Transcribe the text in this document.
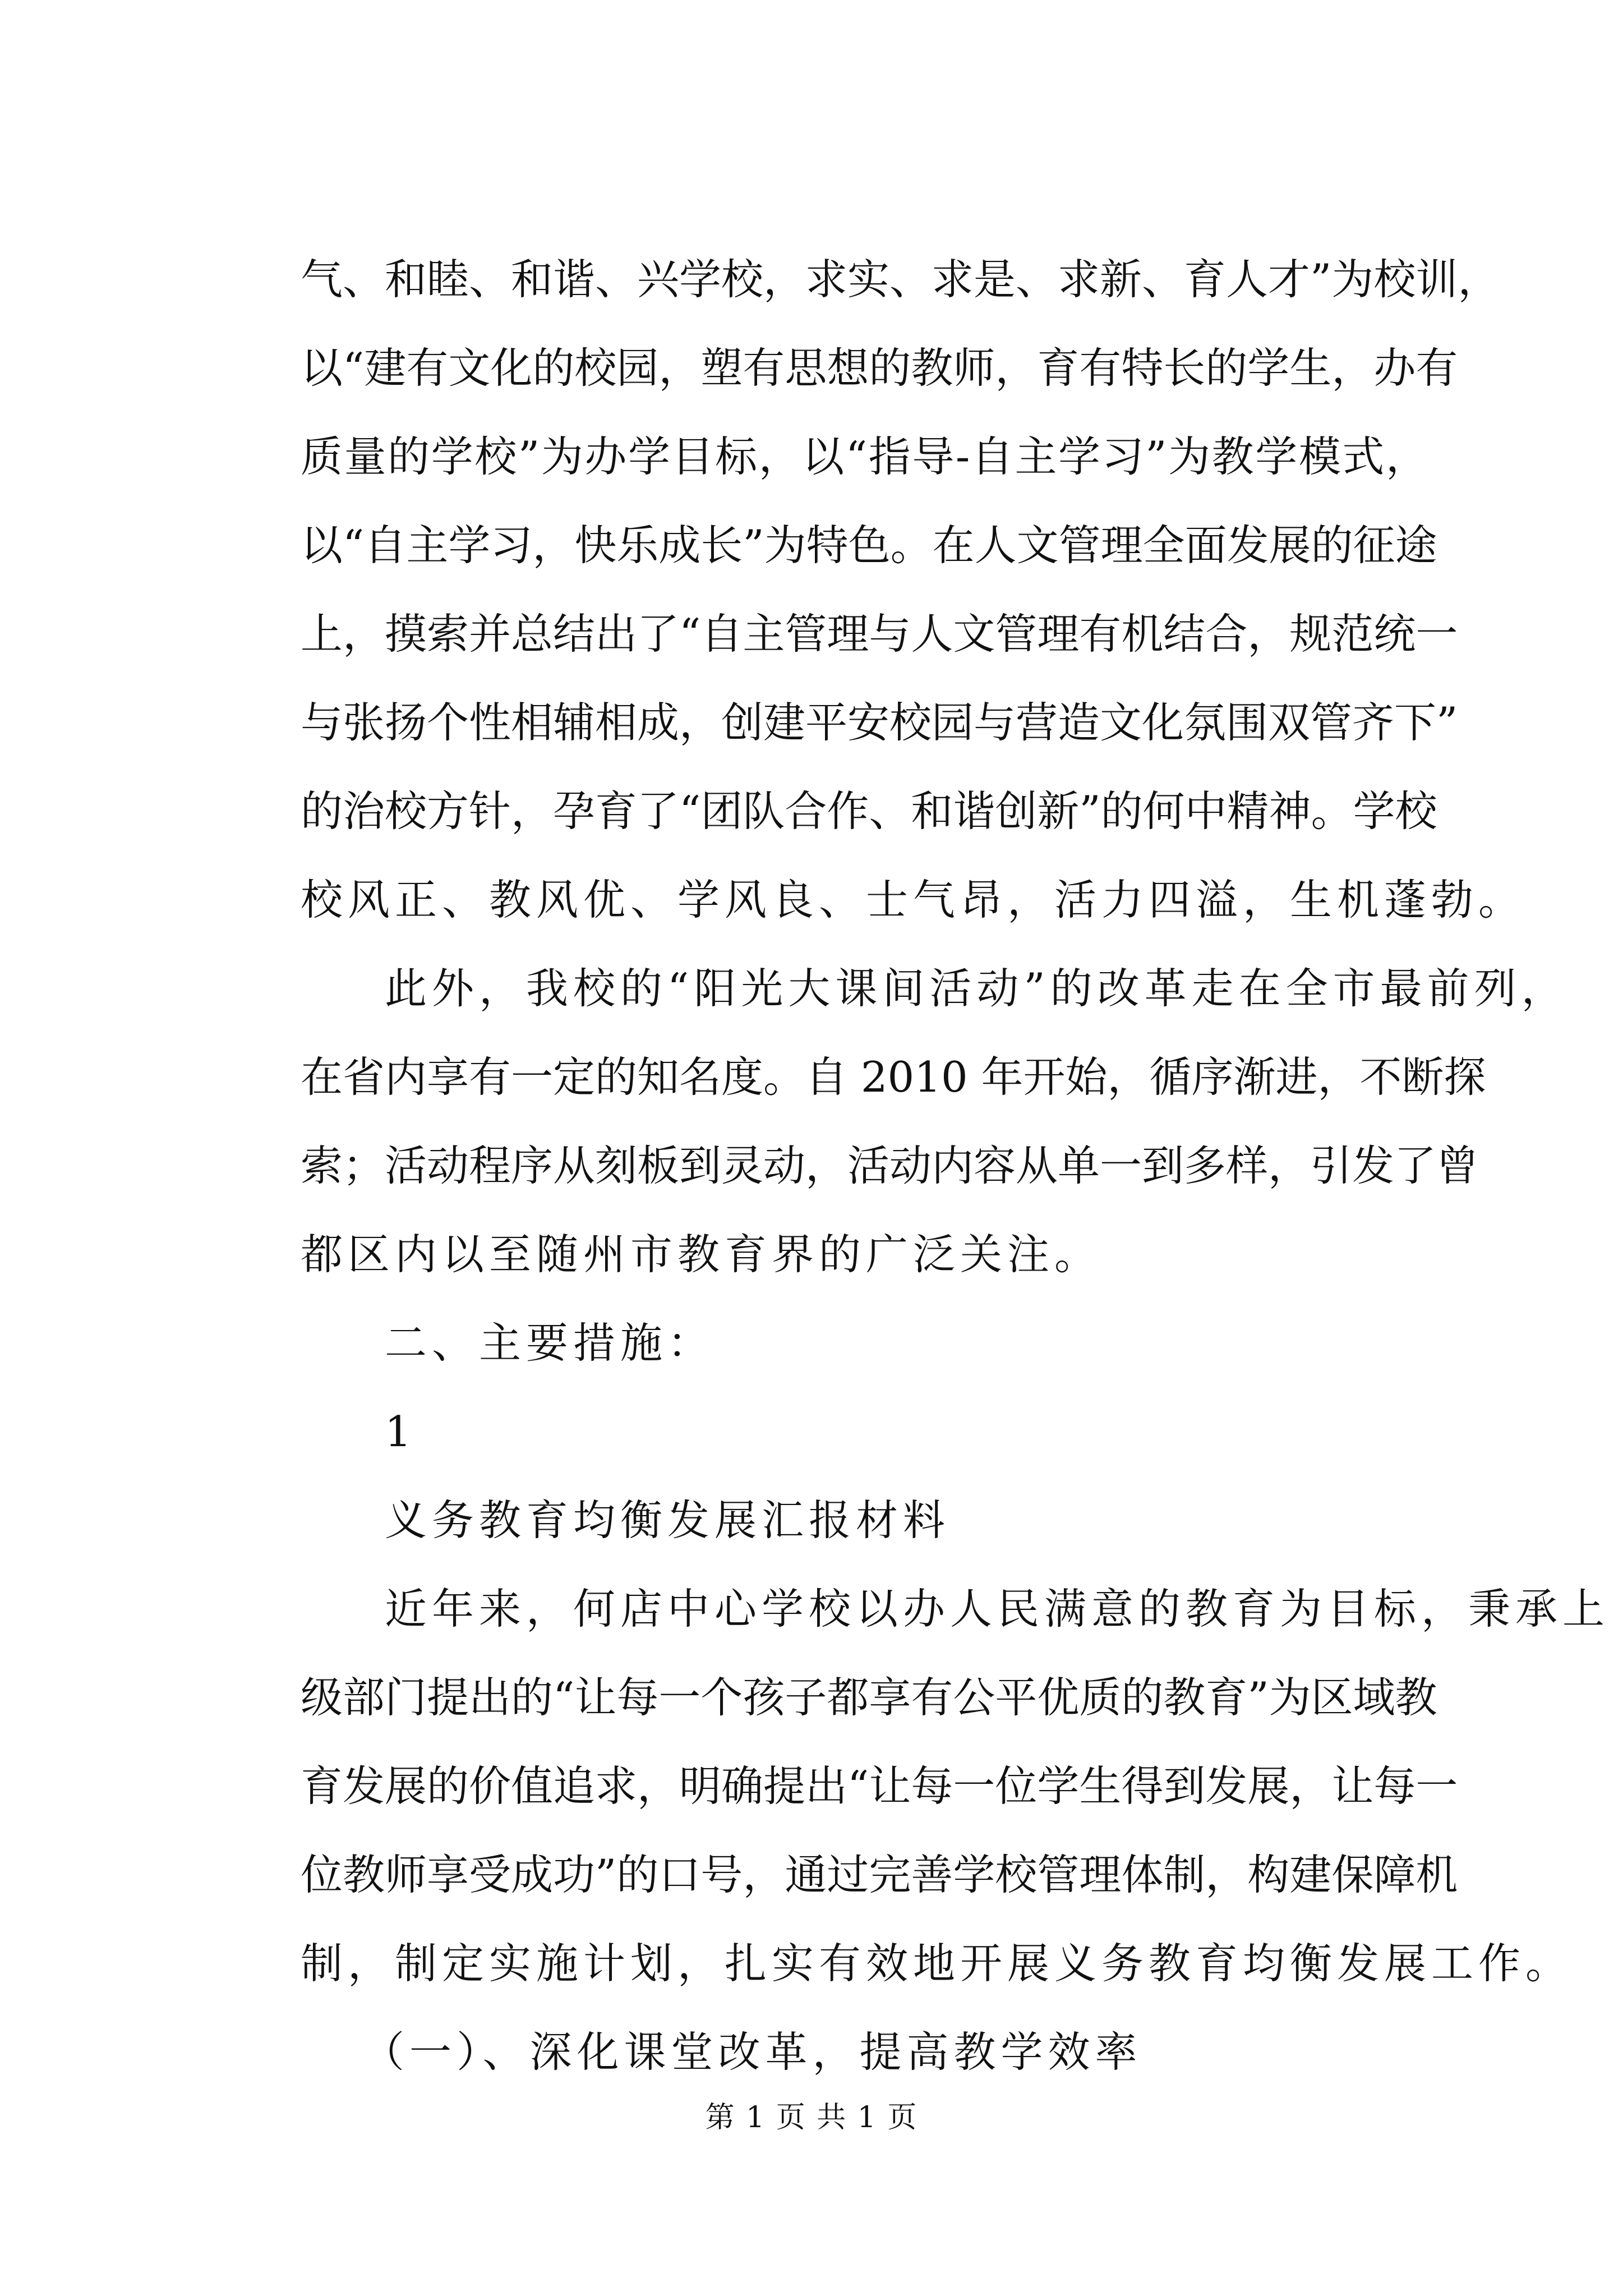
气、和睦、和谐、兴学校，求实、求是、求新、育人才”为校训，
以“建有文化的校园，塑有思想的教师，育有特长的学生，办有
质量的学校”为办学目标，以“指导-自主学习”为教学模式，
以“自主学习，快乐成长”为特色。在人文管理全面发展的征途
上，摸索并总结出了“自主管理与人文管理有机结合，规范统一
与张扬个性相辅相成，创建平安校园与营造文化氛围双管齐下”
的治校方针，孕育了“团队合作、和谐创新”的何中精神。学校
校风正、教风优、学风良、士气昂，活力四溢，生机蓬勃。
此外，我校的“阳光大课间活动”的改革走在全市最前列，
在省内享有一定的知名度。自 2010 年开始，循序渐进，不断探
索；活动程序从刻板到灵动，活动内容从单一到多样，引发了曾
都区内以至随州市教育界的广泛关注。
二、主要措施：
1
义务教育均衡发展汇报材料
近年来，何店中心学校以办人民满意的教育为目标，秉承上
级部门提出的“让每一个孩子都享有公平优质的教育”为区域教
育发展的价值追求，明确提出“让每一位学生得到发展，让每一
位教师享受成功”的口号，通过完善学校管理体制，构建保障机
制，制定实施计划，扎实有效地开展义务教育均衡发展工作。
（一）、深化课堂改革，提高教学效率
第 1 页 共 1 页
